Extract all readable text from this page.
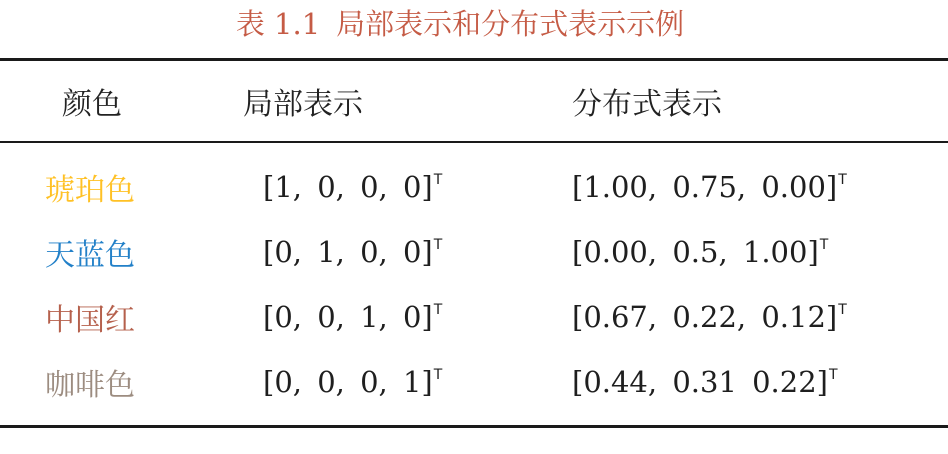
表 1.1 局部表示和分布式表示示例
颜色	局部表示	分布式表示
琥珀色	[1, 0, 0, 0]$^T$	[1.00, 0.75, 0.00]$^T$
天蓝色	[0, 1, 0, 0]$^T$	[0.00, 0.5, 1.00]$^T$
中国红	[0, 0, 1, 0]$^T$	[0.67, 0.22, 0.12]$^T$
咖啡色	[0, 0, 0, 1]$^T$	[0.44, 0.31 0.22]$^T$
